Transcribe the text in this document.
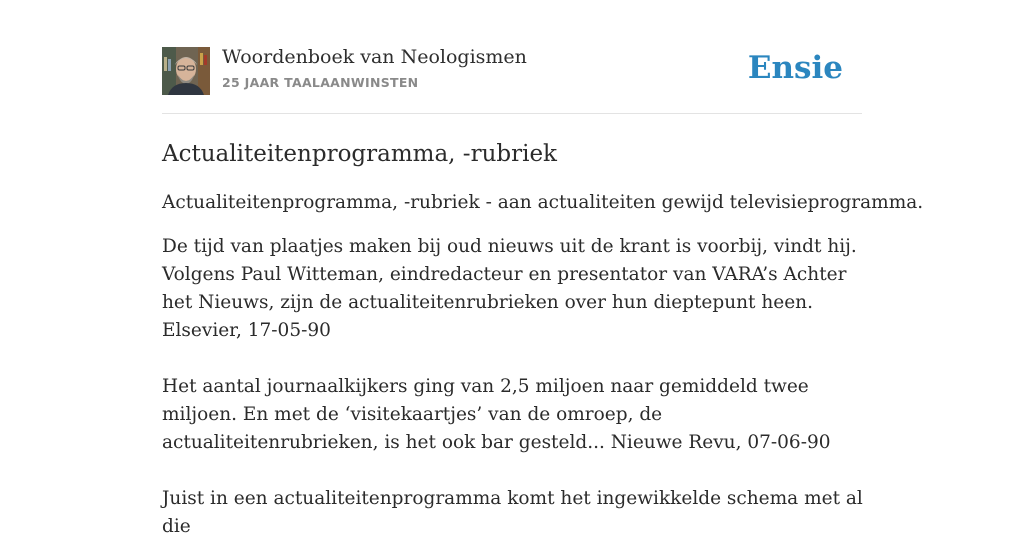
Woordenboek van Neologismen
25 JAAR TAALAANWINSTEN	Ensie
Actualiteitenprogramma, -rubriek

Actualiteitenprogramma, -rubriek - aan actualiteiten gewijd televisieprogramma.

De tijd van plaatjes maken bij oud nieuws uit de krant is voorbij, vindt hij. Volgens Paul Witteman, eindredacteur en presentator van VARA’s Achter het Nieuws, zijn de actualiteitenrubrieken over hun dieptepunt heen. Elsevier, 17-05-90

Het aantal journaalkijkers ging van 2,5 miljoen naar gemiddeld twee miljoen. En met de ‘visitekaartjes’ van de omroep, de actualiteitenrubrieken, is het ook bar gesteld... Nieuwe Revu, 07-06-90

Juist in een actualiteitenprogramma komt het ingewikkelde schema met al die
